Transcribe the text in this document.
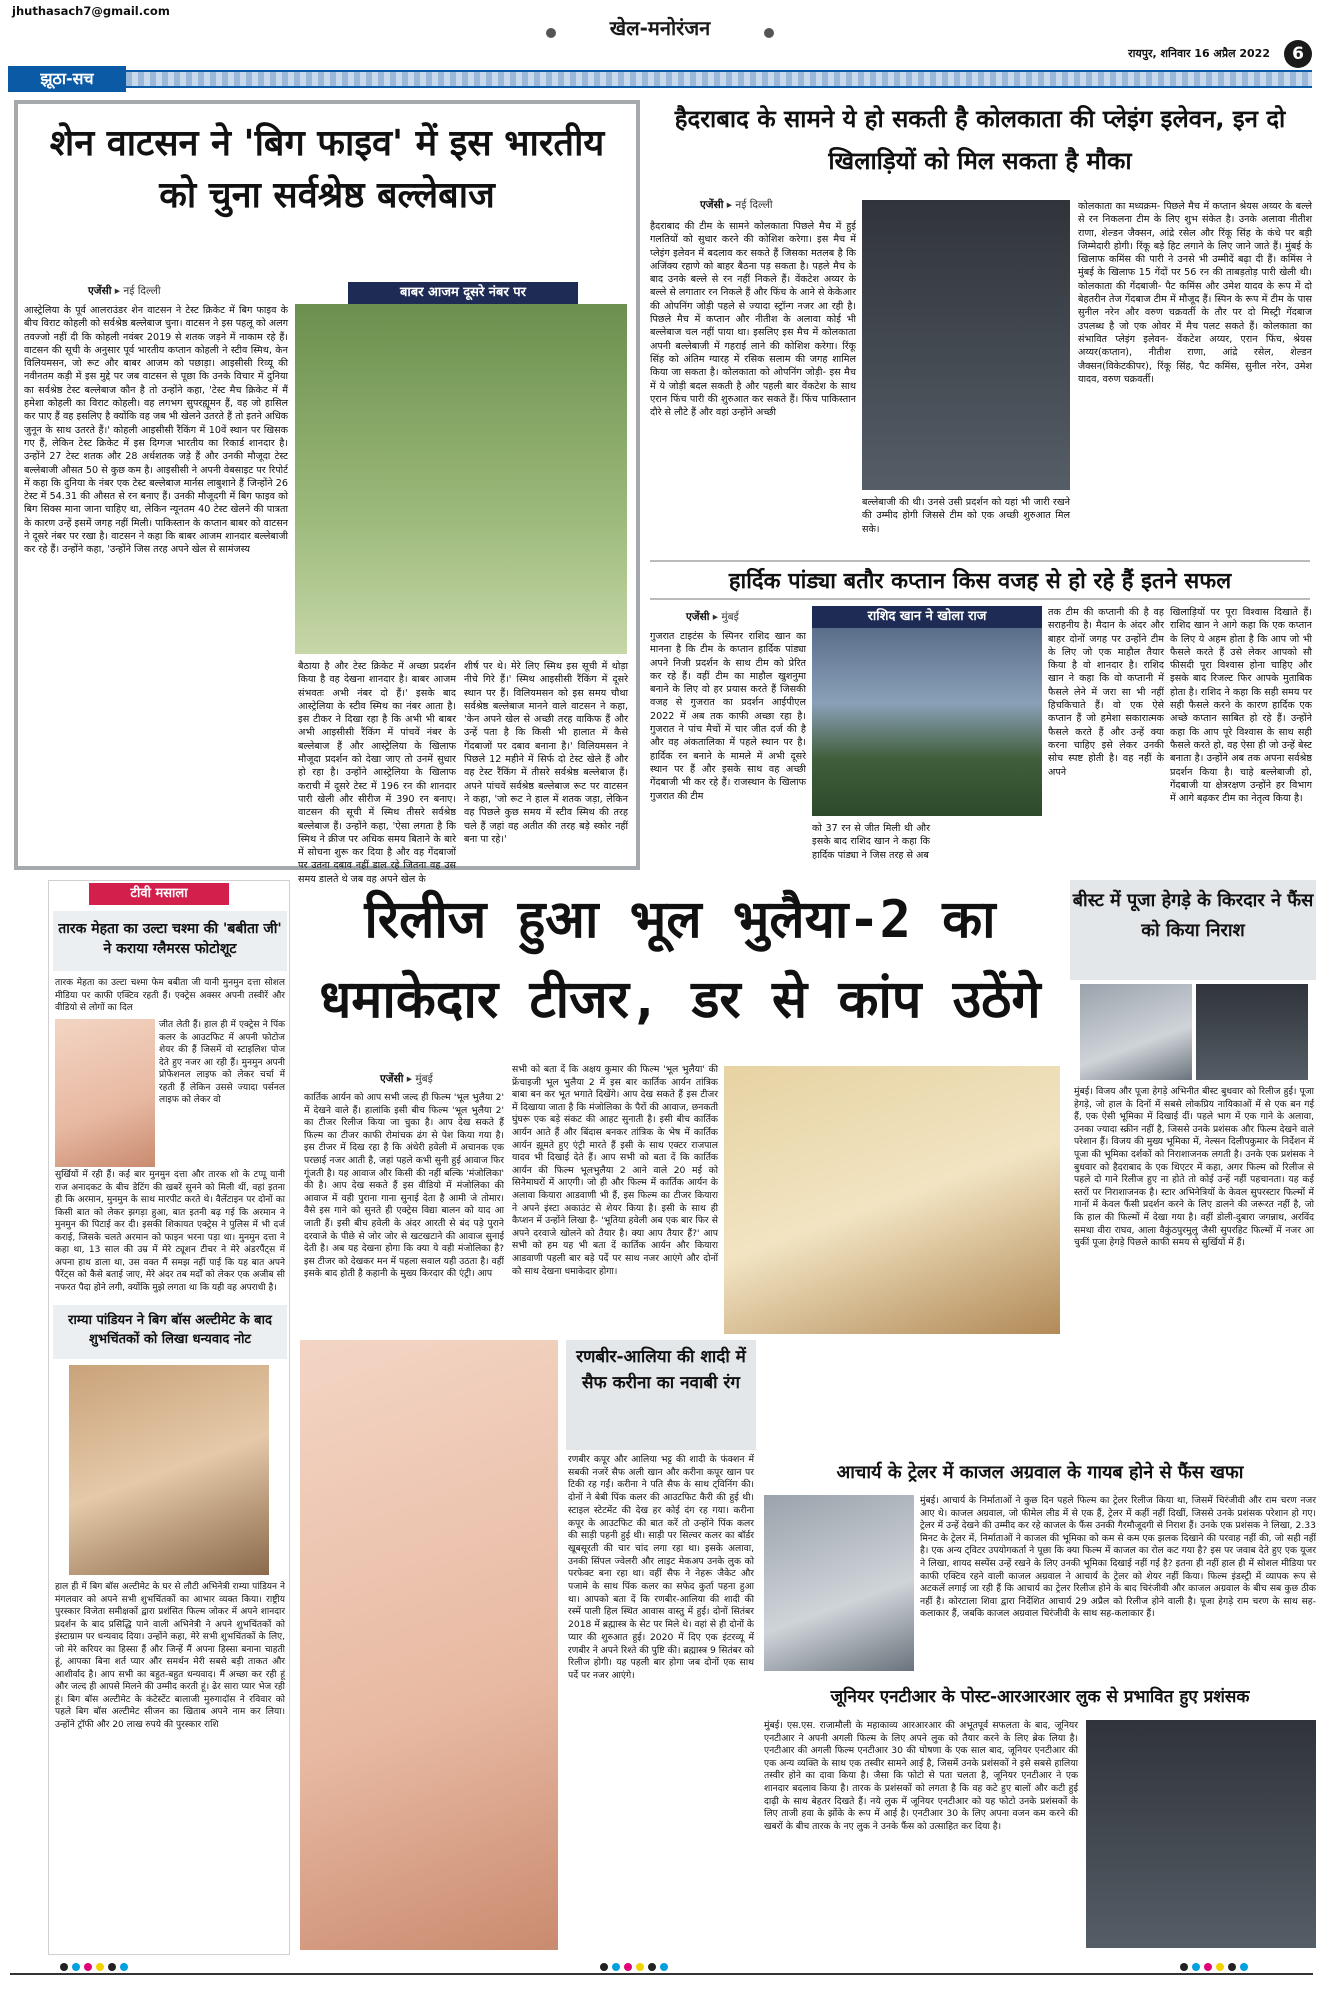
jhuthasach7@gmail.com
खेल-मनोरंजन
रायपुर, शनिवार 16 अप्रैल 2022	6
झूठा-सच
शेन वाटसन ने 'बिग फाइव' में इस भारतीय को चुना सर्वश्रेष्ठ बल्लेबाज
एजेंसी ▸ नई दिल्ली	बाबर आजम दूसरे नंबर पर
आस्ट्रेलिया के पूर्व आलराउंडर शेन वाटसन ने टेस्ट क्रिकेट में बिग फाइव के बीच विराट कोहली को सर्वश्रेष्ठ बल्लेबाज चुना। वाटसन ने इस पहलू को अलग तवज्जो नहीं दी कि कोहली नवंबर 2019 से शतक जड़ने में नाकाम रहे हैं। वाटसन की सूची के अनुसार पूर्व भारतीय कप्तान कोहली ने स्टीव स्मिथ, केन विलियमसन, जो रूट और बाबर आजम को पछाड़ा। आइसीसी रिव्यू की नवीनतम कड़ी में इस मुद्दे पर जब वाटसन से पूछा कि उनके विचार में दुनिया का सर्वश्रेष्ठ टेस्ट बल्लेबाज कौन है तो उन्होंने कहा, 'टेस्ट मैच क्रिकेट में मैं हमेशा कोहली का विराट कोहली। वह लगभग सुपरह्यूमन हैं, वह जो हासिल कर पाए हैं वह इसलिए है क्योंकि वह जब भी खेलने उतरते हैं तो इतने अधिक जुनून के साथ उतरते हैं।' कोहली आइसीसी रैंकिंग में 10वें स्थान पर खिसक गए हैं, लेकिन टेस्ट क्रिकेट में इस दिग्गज भारतीय का रिकार्ड शानदार है। उन्होंने 27 टेस्ट शतक और 28 अर्धशतक जड़े हैं और उनकी मौजूदा टेस्ट बल्लेबाजी औसत 50 से कुछ कम है। आइसीसी ने अपनी वेबसाइट पर रिपोर्ट में कहा कि दुनिया के नंबर एक टेस्ट बल्लेबाज मार्नस लाबुशाने हैं जिन्होंने 26 टेस्ट में 54.31 की औसत से रन बनाए हैं। उनकी मौजूदगी में बिग फाइव को बिग सिक्स माना जाना चाहिए था, लेकिन न्यूनतम 40 टेस्ट खेलने की पात्रता के कारण उन्हें इसमें जगह नहीं मिली। पाकिस्तान के कप्तान बाबर को वाटसन ने दूसरे नंबर पर रखा है। वाटसन ने कहा कि बाबर आजम शानदार बल्लेबाजी कर रहे हैं। उन्होंने कहा, 'उन्होंने जिस तरह अपने खेल से सामंजस्य
बैठाया है और टेस्ट क्रिकेट में अच्छा प्रदर्शन किया है वह देखना शानदार है। बाबर आजम संभवतः अभी नंबर दो हैं।' इसके बाद आस्ट्रेलिया के स्टीव स्मिथ का नंबर आता है। इस टीकर ने दिखा रहा है कि अभी भी बाबर अभी आइसीसी रैंकिंग में पांचवें नंबर के बल्लेबाज हैं और आस्ट्रेलिया के खिलाफ मौजूदा प्रदर्शन को देखा जाए तो उनमें सुधार हो रहा है। उन्होंने आस्ट्रेलिया के खिलाफ कराची में दूसरे टेस्ट में 196 रन की शानदार पारी खेली और सीरीज में 390 रन बनाए। वाटसन की सूची में स्मिथ तीसरे सर्वश्रेष्ठ बल्लेबाज हैं। उन्होंने कहा, 'ऐसा लगता है कि स्मिथ ने क्रीज पर अधिक समय बिताने के बारे में सोचना शुरू कर दिया है और वह गेंदबाजों पर उतना दबाव नहीं डाल रहे जितना वह उस समय डालते थे जब वह अपने खेल के
शीर्ष पर थे। मेरे लिए स्मिथ इस सूची में थोड़ा नीचे गिरे हैं।' स्मिथ आइसीसी रैंकिंग में दूसरे स्थान पर हैं। विलियमसन को इस समय चौथा सर्वश्रेष्ठ बल्लेबाज मानने वाले वाटसन ने कहा, 'केन अपने खेल से अच्छी तरह वाकिफ हैं और उन्हें पता है कि किसी भी हालात में कैसे गेंदबाजों पर दबाव बनाना है।' विलियमसन ने पिछले 12 महीने में सिर्फ दो टेस्ट खेले हैं और वह टेस्ट रैंकिंग में तीसरे सर्वश्रेष्ठ बल्लेबाज हैं। अपने पांचवें सर्वश्रेष्ठ बल्लेबाज रूट पर वाटसन ने कहा, 'जो रूट ने हाल में शतक जड़ा, लेकिन वह पिछले कुछ समय में स्टीव स्मिथ की तरह चले हैं जहां वह अतीत की तरह बड़े स्कोर नहीं बना पा रहे।'
हैदराबाद के सामने ये हो सकती है कोलकाता की प्लेइंग इलेवन, इन दो खिलाड़ियों को मिल सकता है मौका
एजेंसी ▸ नई दिल्ली
हैदराबाद की टीम के सामने कोलकाता पिछले मैच में हुई गलतियों को सुधार करने की कोशिश करेगा। इस मैच में प्लेइंग इलेवन में बदलाव कर सकते हैं जिसका मतलब है कि अजिंक्य रहाणे को बाहर बैठना पड़ सकता है। पहले मैच के बाद उनके बल्ले से रन नहीं निकले हैं। वेंकटेश अय्यर के बल्ले से लगातार रन निकले हैं और फिंच के आने से केकेआर की ओपनिंग जोड़ी पहले से ज्यादा स्ट्रॉन्ग नजर आ रही है। पिछले मैच में कप्तान और नीतीश के अलावा कोई भी बल्लेबाज चल नहीं पाया था। इसलिए इस मैच में कोलकाता अपनी बल्लेबाजी में गहराई लाने की कोशिश करेगा। रिंकू सिंह को अंतिम ग्यारह में रसिक सलाम की जगह शामिल किया जा सकता है। कोलकाता को ओपनिंग जोड़ी- इस मैच में ये जोड़ी बदल सकती है और पहली बार वेंकटेश के साथ एरान फिंच पारी की शुरुआत कर सकते हैं। फिंच पाकिस्तान दौरे से लौटे हैं और वहां उन्होंने अच्छी
बल्लेबाजी की थी। उनसे उसी प्रदर्शन को यहां भी जारी रखने की उम्मीद होगी जिससे टीम को एक अच्छी शुरुआत मिल सके।
कोलकाता का मध्यक्रम- पिछले मैच में कप्तान श्रेयस अय्यर के बल्ले से रन निकलना टीम के लिए शुभ संकेत है। उनके अलावा नीतीश राणा, शेल्डन जैक्सन, आंद्रे रसेल और रिंकू सिंह के कंधे पर बड़ी जिम्मेदारी होगी। रिंकू बड़े हिट लगाने के लिए जाने जाते हैं। मुंबई के खिलाफ कमिंस की पारी ने उनसे भी उम्मीदें बढ़ा दी हैं। कमिंस ने मुंबई के खिलाफ 15 गेंदों पर 56 रन की ताबड़तोड़ पारी खेली थी। कोलकाता की गेंदबाजी- पैट कमिंस और उमेश यादव के रूप में दो बेहतरीन तेज गेंदबाज टीम में मौजूद हैं। स्पिन के रूप में टीम के पास सुनील नरेन और वरुण चक्रवर्ती के तौर पर दो मिस्ट्री गेंदबाज उपलब्ध है जो एक ओवर में मैच पलट सकते हैं। कोलकाता का संभावित प्लेइंग इलेवन- वेंकटेश अय्यर, एरान फिंच, श्रेयस अय्यर(कप्तान), नीतीश राणा, आंद्रे रसेल, शेल्डन जैक्सन(विकेटकीपर), रिंकू सिंह, पैट कमिंस, सुनील नरेन, उमेश यादव, वरुण चक्रवर्ती।
हार्दिक पांड्या बतौर कप्तान किस वजह से हो रहे हैं इतने सफल
एजेंसी ▸ मुंबई	राशिद खान ने खोला राज
गुजरात टाइटंस के स्पिनर राशिद खान का मानना है कि टीम के कप्तान हार्दिक पांड्या अपने निजी प्रदर्शन के साथ टीम को प्रेरित कर रहे हैं। वहीं टीम का माहौल खुशनुमा बनाने के लिए वो हर प्रयास करते हैं जिसकी वजह से गुजरात का प्रदर्शन आईपीएल 2022 में अब तक काफी अच्छा रहा है। गुजरात ने पांच मैचों में चार जीत दर्ज की है और वह अंकतालिका में पहले स्थान पर है। हार्दिक रन बनाने के मामले में अभी दूसरे स्थान पर हैं और इसके साथ वह अच्छी गेंदबाजी भी कर रहे हैं। राजस्थान के खिलाफ गुजरात की टीम
को 37 रन से जीत मिली थी और इसके बाद राशिद खान ने कहा कि हार्दिक पांड्या ने जिस तरह से अब
तक टीम की कप्तानी की है वह सराहनीय है। मैदान के अंदर और बाहर दोनों जगह पर उन्होंने टीम के लिए जो एक माहौल तैयार किया है वो शानदार है। राशिद खान ने कहा कि वो कप्तानी में फैसले लेने में जरा सा भी नहीं हिचकिचाते हैं। वो एक ऐसे कप्तान हैं जो हमेशा सकारात्मक फैसले करते हैं और उन्हें क्या करना चाहिए इसे लेकर उनकी सोच स्पष्ट होती है। वह नहीं के अपने
खिलाड़ियों पर पूरा विश्वास दिखाते हैं। राशिद खान ने आगे कहा कि एक कप्तान के लिए ये अहम होता है कि आप जो भी फैसले करते हैं उसे लेकर आपको सौ फीसदी पूरा विश्वास होना चाहिए और इसके बाद रिजल्ट फिर आपके मुताबिक होता है। राशिद ने कहा कि सही समय पर सही फैसले करने के कारण हार्दिक एक अच्छे कप्तान साबित हो रहे हैं। उन्होंने कहा कि आप पूरे विश्वास के साथ सही फैसले करते हो, वह ऐसा ही जो उन्हें बेस्ट बनाता है। उन्होंने अब तक अपना सर्वश्रेष्ठ प्रदर्शन किया है। चाहे बल्लेबाजी हो, गेंदबाजी या क्षेत्ररक्षण उन्होंने हर विभाग में आगे बढ़कर टीम का नेतृत्व किया है।
टीवी मसाला
तारक मेहता का उल्टा चश्मा की 'बबीता जी' ने कराया ग्लैमरस फोटोशूट
तारक मेहता का उल्टा चश्मा फेम बबीता जी यानी मुनमुन दत्ता सोशल मीडिया पर काफी एक्टिव रहती हैं। एक्ट्रेस अक्सर अपनी तस्वीरें और वीडियो से लोगों का दिल
जीत लेती हैं। हाल ही में एक्ट्रेस ने पिंक कलर के आउटफिट में अपनी फोटोज शेयर की हैं जिसमें वो स्टाइलिश पोज देते हुए नजर आ रही हैं। मुनमुन अपनी प्रोफेशनल लाइफ को लेकर चर्चा में रहती हैं लेकिन उससे ज्यादा पर्सनल लाइफ को लेकर वो
सुर्खियों में रही हैं। कई बार मुनमुन दत्ता और तारक शो के टप्पू यानी राज अनादकट के बीच डेटिंग की खबरें सुनने को मिली थीं, वहां इतना ही कि अरमान, मुनमुन के साथ मारपीट करते थे। वैलेंटाइन पर दोनों का किसी बात को लेकर झगड़ा हुआ, बात इतनी बढ़ गई कि अरमान ने मुनमुन की पिटाई कर दी। इसकी शिकायत एक्ट्रेस ने पुलिस में भी दर्ज कराई, जिसके चलते अरमान को फाइन भरना पड़ा था। मुनमुन दत्ता ने कहा था, 13 साल की उम्र में मेरे ट्यूशन टीचर ने मेरे अंडरपैंट्स में अपना हाथ डाला था, उस वक्त मैं समझ नहीं पाई कि यह बात अपने पैरेंट्स को कैसे बताई जाए, मेरे अंदर तब मर्दों को लेकर एक अजीब सी नफरत पैदा होने लगी, क्योंकि मुझे लगता था कि यही वह अपराधी है।
राम्या पांडियन ने बिग बॉस अल्टीमेट के बाद शुभचिंतकों को लिखा धन्यवाद नोट
हाल ही में बिग बॉस अल्टीमेट के घर से लौटी अभिनेत्री राम्या पांडियन ने मंगलवार को अपने सभी शुभचिंतकों का आभार व्यक्त किया। राष्ट्रीय पुरस्कार विजेता समीक्षकों द्वारा प्रशंसित फिल्म जोकर में अपने शानदार प्रदर्शन के बाद प्रसिद्धि पाने वाली अभिनेत्री ने अपने शुभचिंतकों को इंस्टाग्राम पर धन्यवाद दिया। उन्होंने कहा, मेरे सभी शुभचिंतकों के लिए, जो मेरे करियर का हिस्सा हैं और जिन्हें मैं अपना हिस्सा बनाना चाहती हूं, आपका बिना शर्त प्यार और समर्थन मेरी सबसे बड़ी ताकत और आशीर्वाद है। आप सभी का बहुत-बहुत धन्यवाद। मैं अच्छा कर रही हूं और जल्द ही आपसे मिलने की उम्मीद करती हूं। ढेर सारा प्यार भेज रही हूं। बिग बॉस अल्टीमेट के कंटेस्टेंट बालाजी मुरुगादॉस ने रविवार को पहले बिग बॉस अल्टीमेट सीजन का खिताब अपने नाम कर लिया। उन्होंने ट्रॉफी और 20 लाख रुपये की पुरस्कार राशि
रिलीज हुआ भूल भुलैया-2 का धमाकेदार टीजर, डर से कांप उठेंगे
एजेंसी ▸ मुंबई
कार्तिक आर्यन को आप सभी जल्द ही फिल्म 'भूल भुलैया 2' में देखने वाले हैं। हालांकि इसी बीच फिल्म 'भूल भुलैया 2' का टीजर रिलीज किया जा चुका है। आप देख सकते हैं फिल्म का टीजर काफी रोमांचक ढंग से पेश किया गया है। इस टीजर में दिख रहा है कि अंधेरी हवेली में अचानक एक परछाई नजर आती है, जहां पहले कभी सुनी हुई आवाज फिर गूंजती है। यह आवाज और किसी की नहीं बल्कि 'मंजोलिका' की है। आप देख सकते हैं इस वीडियो में मंजोलिका की आवाज में वही पुराना गाना सुनाई देता है आमी जे तोमार। वैसे इस गाने को सुनते ही एक्ट्रेस विद्या बालन को याद आ जाती हैं। इसी बीच हवेली के अंदर आरती से बंद पड़े पुराने दरवाजे के पीछे से जोर जोर से खटखटाने की आवाज सुनाई देती है। अब यह देखना होगा कि क्या ये वही मंजोलिका है? इस टीजर को देखकर मन में पहला सवाल यही उठता है। वहीं इसके बाद होती है कहानी के मुख्य किरदार की एंट्री। आप
सभी को बता दें कि अक्षय कुमार की फिल्म 'भूल भुलैया' की फ्रेंचाइजी भूल भुलैया 2 में इस बार कार्तिक आर्यन तांत्रिक बाबा बन कर भूत भगाते दिखेंगे। आप देख सकते हैं इस टीजर में दिखाया जाता है कि मंजोलिका के पैरों की आवाज, छनकती घुंघरू एक बड़े संकट की आहट सुनाती है। इसी बीच कार्तिक आर्यन आते हैं और बिंदास बनकर तांत्रिक के भेष में कार्तिक आर्यन झूमते हुए एंट्री मारते हैं इसी के साथ एक्टर राजपाल यादव भी दिखाई देते हैं। आप सभी को बता दें कि कार्तिक आर्यन की फिल्म भूलभुलैया 2 आने वाले 20 मई को सिनेमाघरों में आएगी। जो ही और फिल्म में कार्तिक आर्यन के अलावा कियारा आडवाणी भी हैं, इस फिल्म का टीजर कियारा ने अपने इंस्टा अकाउंट से शेयर किया है। इसी के साथ ही कैप्शन में उन्होंने लिखा है- 'भूतिया हवेली अब एक बार फिर से अपने दरवाजे खोलने को तैयार है। क्या आप तैयार हैं?' आप सभी को हम यह भी बता दें कार्तिक आर्यन और कियारा आडवाणी पहली बार बड़े पर्दे पर साथ नजर आएंगे और दोनों को साथ देखना धमाकेदार होगा।
बीस्ट में पूजा हेगड़े के किरदार ने फैंस को किया निराश
मुंबई। विजय और पूजा हेगड़े अभिनीत बीस्ट बुधवार को रिलीज हुई। पूजा हेगड़े, जो हाल के दिनों में सबसे लोकप्रिय नायिकाओं में से एक बन गई हैं, एक ऐसी भूमिका में दिखाई दीं। पहले भाग में एक गाने के अलावा, उनका ज्यादा स्क्रीन नहीं है, जिससे उनके प्रशंसक और फिल्म देखने वाले परेशान हैं। विजय की मुख्य भूमिका में, नेल्सन दिलीपकुमार के निर्देशन में पूजा की भूमिका दर्शकों को निराशाजनक लगती है। उनके एक प्रशंसक ने बुधवार को हैदराबाद के एक थिएटर में कहा, अगर फिल्म को रिलीज से पहले दो गाने रिलीज हुए ना होते तो कोई उन्हें नहीं पहचानता। यह कई स्तरों पर निराशाजनक है। स्टार अभिनेत्रियों के केवल सुपरस्टार फिल्मों में गानों में केवल फैंसी प्रदर्शन करने के लिए डालने की जरूरत नहीं है, जो कि हाल की फिल्मों में देखा गया है। वहीं डोली-दुबारा जगन्नाथ, अरविंद समथा वीरा राघव, आला वैकुंठपुरमुलु जैसी सुपरहिट फिल्मों में नजर आ चुकीं पूजा हेगड़े पिछले काफी समय से सुर्खियों में हैं।
रणबीर-आलिया की शादी में सैफ करीना का नवाबी रंग
रणबीर कपूर और आलिया भट्ट की शादी के फंक्शन में सबकी नजरें सैफ अली खान और करीना कपूर खान पर टिकी रह गईं। करीना ने पति सैफ के साथ ट्विनिंग की। दोनों ने बेबी पिंक कलर की आउटफिट कैरी की हुई थी। स्टाइल स्टेटमेंट की देख हर कोई दंग रह गया। करीना कपूर के आउटफिट की बात करें तो उन्होंने पिंक कलर की साड़ी पहनी हुई थी। साड़ी पर सिल्वर कलर का बॉर्डर खूबसूरती की चार चांद लगा रहा था। इसके अलावा, उनकी सिंपल ज्वेलरी और लाइट मेकअप उनके लुक को परफेक्ट बना रहा था। वहीं सैफ ने नेहरू जैकेट और पजामे के साथ पिंक कलर का सफेद कुर्ता पहना हुआ था। आपको बता दें कि रणबीर-आलिया की शादी की रस्में पाली हिल स्थित आवास वास्तु में हुई। दोनों सितंबर 2018 में ब्रह्मास्त्र के सेट पर मिले थे। वहां से ही दोनों के प्यार की शुरुआत हुई। 2020 में दिए एक इंटरव्यू में रणबीर ने अपने रिश्ते की पुष्टि की। ब्रह्मास्त्र 9 सितंबर को रिलीज होगी। यह पहली बार होगा जब दोनों एक साथ पर्दे पर नजर आएंगे।
आचार्य के ट्रेलर में काजल अग्रवाल के गायब होने से फैंस खफा
मुंबई। आचार्य के निर्माताओं ने कुछ दिन पहले फिल्म का ट्रेलर रिलीज किया था, जिसमें चिरंजीवी और राम चरण नजर आए थे। काजल अग्रवाल, जो फीमेल लीड में से एक हैं, ट्रेलर में कहीं नहीं दिखीं, जिससे उनके प्रशंसक परेशान हो गए। ट्रेलर में उन्हें देखने की उम्मीद कर रहे काजल के फैंस उनकी गैरमौजूदगी से निराश हैं। उनके एक प्रशंसक ने लिखा, 2.33 मिनट के ट्रेलर में, निर्माताओं ने काजल की भूमिका को कम से कम एक झलक दिखाने की परवाह नहीं की, जो सही नहीं है। एक अन्य ट्विटर उपयोगकर्ता ने पूछा कि क्या फिल्म में काजल का रोल कट गया है? इस पर जवाब देते हुए एक यूजर ने लिखा, शायद सस्पेंस उन्हें रखने के लिए उनकी भूमिका दिखाई नहीं गई है? इतना ही नहीं हाल ही में सोशल मीडिया पर काफी एक्टिव रहने वाली काजल अग्रवाल ने आचार्य के ट्रेलर को शेयर नहीं किया। फिल्म इंडस्ट्री में व्यापक रूप से अटकलें लगाई जा रही हैं कि आचार्य का ट्रेलर रिलीज होने के बाद चिरंजीवी और काजल अग्रवाल के बीच सब कुछ ठीक नहीं है। कोरटाला शिवा द्वारा निर्देशित आचार्य 29 अप्रैल को रिलीज होने वाली है। पूजा हेगड़े राम चरण के साथ सह-कलाकार हैं, जबकि काजल अग्रवाल चिरंजीवी के साथ सह-कलाकार हैं।
जूनियर एनटीआर के पोस्ट-आरआरआर लुक से प्रभावित हुए प्रशंसक
मुंबई। एस.एस. राजामौली के महाकाव्य आरआरआर की अभूतपूर्व सफलता के बाद, जूनियर एनटीआर ने अपनी अगली फिल्म के लिए अपने लुक को तैयार करने के लिए ब्रेक लिया है। एनटीआर की अगली फिल्म एनटीआर 30 की घोषणा के एक साल बाद, जूनियर एनटीआर की एक अन्य व्यक्ति के साथ एक तस्वीर सामने आई है, जिसमें उनके प्रशंसकों ने इसे सबसे हालिया तस्वीर होने का दावा किया है। जैसा कि फोटो से पता चलता है, जूनियर एनटीआर ने एक शानदार बदलाव किया है। तारक के प्रशंसकों को लगता है कि वह कटे हुए बालों और कटी हुई दाढ़ी के साथ बेहतर दिखते हैं। नये लुक में जूनियर एनटीआर को यह फोटो उनके प्रशंसकों के लिए ताजी हवा के झोंके के रूप में आई है। एनटीआर 30 के लिए अपना वजन कम करने की खबरों के बीच तारक के नए लुक ने उनके फैंस को उत्साहित कर दिया है।
